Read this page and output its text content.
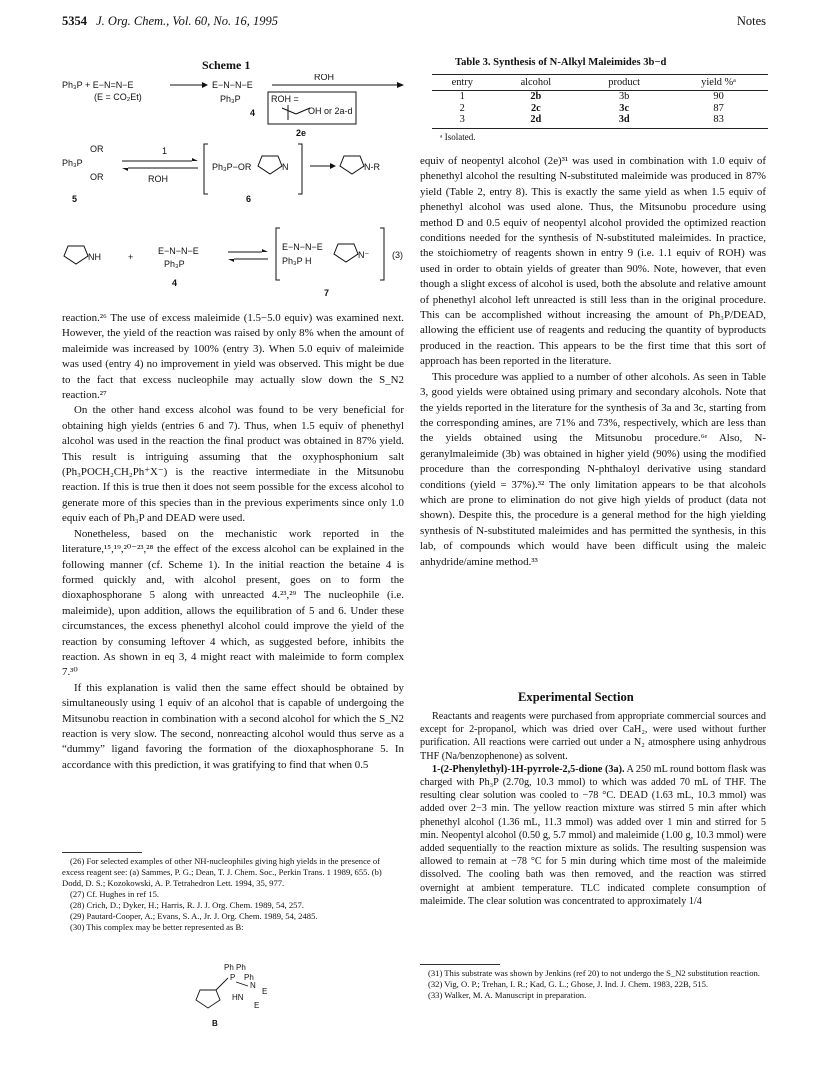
5354 J. Org. Chem., Vol. 60, No. 16, 1995	Notes
Scheme 1
Ph₃P + E−N=N−E
(E = CO₂Et)
E−N−N−E
Ph₃P
4
ROH
ROH =
OH or 2a-d
2e
OR
Ph₃P
OR
5
1
ROH
Ph₃P−OR	N
6
N-R
NH	+
E−N−N−E
Ph₃P
4
E−N−N−E
Ph₃P H
N⁻
7
(3)
Table 3. Synthesis of N-Alkyl Maleimides 3b−d
entry	alcohol	product	yield %ᵃ
1	2b	3b	90
2	2c	3c	87
3	2d	3d	83
ᵃ Isolated.

reaction.²⁶ The use of excess maleimide (1.5−5.0 equiv) was examined next. However, the yield of the reaction was raised by only 8% when the amount of maleimide was increased by 100% (entry 3). When 5.0 equiv of maleimide was used (entry 4) no improvement in yield was observed. This might be due to the fact that excess nucleophile may actually slow down the S_N2 reaction.²⁷

On the other hand excess alcohol was found to be very beneficial for obtaining high yields (entries 6 and 7). Thus, when 1.5 equiv of phenethyl alcohol was used in the reaction the final product was obtained in 87% yield. This result is intriguing assuming that the oxyphosphonium salt (Ph₃POCH₂CH₂Ph⁺X⁻) is the reactive intermediate in the Mitsunobu reaction. If this is true then it does not seem possible for the excess alcohol to generate more of this species than in the previous experiments since only 1.0 equiv each of Ph₃P and DEAD were used.

Nonetheless, based on the mechanistic work reported in the literature,¹⁵,¹⁹,²⁰⁻²³,²⁸ the effect of the excess alcohol can be explained in the following manner (cf. Scheme 1). In the initial reaction the betaine 4 is formed quickly and, with alcohol present, goes on to form the dioxaphosphorane 5 along with unreacted 4.²³,²⁹ The nucleophile (i.e. maleimide), upon addition, allows the equilibration of 5 and 6. Under these circumstances, the excess phenethyl alcohol could improve the yield of the reaction by consuming leftover 4 which, as suggested before, inhibits the reaction. As shown in eq 3, 4 might react with maleimide to form complex 7.³⁰

If this explanation is valid then the same effect should be obtained by simultaneously using 1 equiv of an alcohol that is capable of undergoing the Mitsunobu reaction in combination with a second alcohol for which the S_N2 reaction is very slow. The second, nonreacting alcohol would thus serve as a “dummy” ligand favoring the formation of the dioxaphosphorane 5. In accordance with this prediction, it was gratifying to find that when 0.5

equiv of neopentyl alcohol (2e)³¹ was used in combination with 1.0 equiv of phenethyl alcohol the resulting N-substituted maleimide was produced in 87% yield (Table 2, entry 8). This is exactly the same yield as when 1.5 equiv of phenethyl alcohol was used alone. Thus, the Mitsunobu procedure using method D and 0.5 equiv of neopentyl alcohol provided the optimized reaction conditions needed for the synthesis of N-substituted maleimides. In practice, the stoichiometry of reagents shown in entry 9 (i.e. 1.1 equiv of ROH) was used in order to obtain yields of greater than 90%. Note, however, that even though a slight excess of alcohol is used, both the absolute and relative amount of phenethyl alcohol left unreacted is still less than in the original procedure. This can be accomplished without increasing the amount of Ph₃P/DEAD, allowing the efficient use of reagents and reducing the quantity of byproducts produced in the reaction. This appears to be the first time that this sort of approach has been reported in the literature.

This procedure was applied to a number of other alcohols. As seen in Table 3, good yields were obtained using primary and secondary alcohols. Note that the yields reported in the literature for the synthesis of 3a and 3c, starting from the corresponding amines, are 71% and 73%, respectively, which are less than the yields obtained using the Mitsunobu procedure.⁶ᵉ Also, N-geranylmaleimide (3b) was obtained in higher yield (90%) using the modified procedure than the corresponding N-phthaloyl derivative using standard conditions (yield = 37%).³² The only limitation appears to be that alcohols which are prone to elimination do not give high yields of product (data not shown). Despite this, the procedure is a general method for the high yielding synthesis of N-substituted maleimides and has permitted the synthesis, in this lab, of compounds which would have been difficult using the maleic anhydride/amine method.³³

Experimental Section

Reactants and reagents were purchased from appropriate commercial sources and except for 2-propanol, which was dried over CaH₂, were used without further purification. All reactions were carried out under a N₂ atmosphere using anhydrous THF (Na/benzophenone) as solvent.

1-(2-Phenylethyl)-1H-pyrrole-2,5-dione (3a). A 250 mL round bottom flask was charged with Ph₃P (2.70g, 10.3 mmol) to which was added 70 mL of THF. The resulting clear solution was cooled to −78 °C. DEAD (1.63 mL, 10.3 mmol) was added over 2−3 min. The yellow reaction mixture was stirred 5 min after which phenethyl alcohol (1.36 mL, 11.3 mmol) was added over 1 min and stirred for 5 min. Neopentyl alcohol (0.50 g, 5.7 mmol) and maleimide (1.00 g, 10.3 mmol) were added sequentially to the reaction mixture as solids. The resulting suspension was allowed to remain at −78 °C for 5 min during which time most of the maleimide dissolved. The cooling bath was then removed, and the reaction was stirred overnight at ambient temperature. TLC indicated complete consumption of maleimide. The clear solution was concentrated to approximately 1/4

(26) For selected examples of other NH-nucleophiles giving high yields in the presence of excess reagent see: (a) Sammes, P. G.; Dean, T. J. Chem. Soc., Perkin Trans. 1 1989, 655. (b) Dodd, D. S.; Kozokowski, A. P. Tetrahedron Lett. 1994, 35, 977.
(27) Cf. Hughes in ref 15.
(28) Crich, D.; Dyker, H.; Harris, R. J. J. Org. Chem. 1989, 54, 257.
(29) Pautard-Cooper, A.; Evans, S. A., Jr. J. Org. Chem. 1989, 54, 2485.
(30) This complex may be better represented as B:
Ph Ph
P Ph
N
E
HN
E
B
(31) This substrate was shown by Jenkins (ref 20) to not undergo the S_N2 substitution reaction.
(32) Vig, O. P.; Trehan, I. R.; Kad, G. L.; Ghose, J. Ind. J. Chem. 1983, 22B, 515.
(33) Walker, M. A. Manuscript in preparation.
